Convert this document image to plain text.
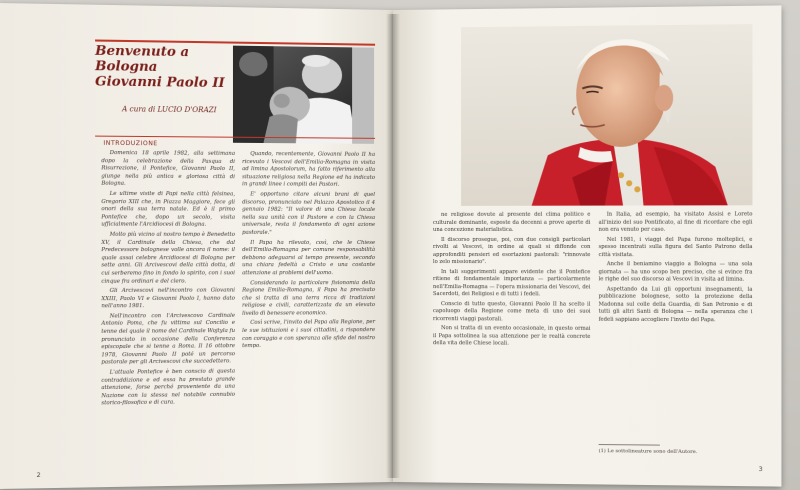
Benvenuto a Bologna
Giovanni Paolo II
A cura di LUCIO D'ORAZI
INTRODUZIONE

Domenica 18 aprile 1982, alla settimana dopo la celebrazione della Pasqua di Risurrezione, il Pontefice, Giovanni Paolo II, giunge nella più antica e gloriosa città di Bologna.

Le ultime visite di Papi nella città felsinea, Gregorio XIII che, in Piazza Maggiore, fece gli onori della sua terra natale. Ed è il primo Pontefice che, dopo un secolo, visita ufficialmente l'Arcidiocesi di Bologna.

Molto più vicino al nostro tempo è Benedetto XV, il Cardinale della Chiesa, che dal Predecessore bolognese volle ancora il nome: il quale assai celebre Arcidiocesi di Bologna per sette anni. Gli Arcivescovi della città dotta, di cui serberemo fino in fondo lo spirito, con i suoi cinque fra ordinari e del clero.

Gli Arcivescovi nell'incontro con Giovanni XXIII, Paolo VI e Giovanni Paolo I, hanno dato nell'anno 1981.

Nell'incontro con l'Arcivescovo Cardinale Antonio Poma, che fu vittima sul Concilio e tenne del quale il nome del Cardinale Wojtyla fu pronunciato in occasione della Conferenza episcopale che si tenne a Roma. Il 16 ottobre 1978, Giovanni Paolo II poté un percorso pastorale per gli Arcivescovi che succedettero.

L'attuale Pontefice è ben conscio di questa contraddizione e ed essa ha prestato grande attenzione, forse perché proveniente da una Nazione con la stessa nel notabile connubio storico-filosofico e di cura.

Quando, recentemente, Giovanni Paolo II ha ricevuto i Vescovi dell'Emilia-Romagna in visita ad limina Apostolorum, ha fatto riferimento alla situazione religiosa nella Regione ed ha indicato in grandi linee i compiti dei Pastori.

E' opportuno citare alcuni brani di quel discorso, pronunciato nel Palazzo Apostolico il 4 gennaio 1982: "Il valore di una Chiesa locale nella sua unità con il Pastore e con la Chiesa universale, resta il fondamento di ogni azione pastorale."

Il Papa ha rilevato, così, che le Chiese dell'Emilia-Romagna per comune responsabilità debbono adeguarsi al tempo presente, secondo una chiara fedeltà a Cristo e una costante attenzione ai problemi dell'uomo.

Considerando la particolare fisionomia della Regione Emilia-Romagna, il Papa ha precisato che si tratta di una terra ricca di tradizioni religiose e civili, caratterizzata da un elevato livello di benessere economico.

Così scrive, l'invito del Papa alla Regione, per le sue istituzioni e i suoi cittadini, a rispondere con coraggio e con speranza alle sfide del nostro tempo.

2

ne religiose dovute al presente del clima politico e culturale dominante, esposte da decenni a prove aperte di una concezione materialistica.

Il discorso prosegue, poi, con due consigli particolari rivolti ai Vescovi, in ordine ai quali si diffonde con approfonditi pensieri ed esortazioni pastorali: "rinnovate lo zelo missionario".

In tali suggerimenti appare evidente che il Pontefice ritiene di fondamentale importanza — particolarmente nell'Emilia-Romagna — l'opera missionaria dei Vescovi, dei Sacerdoti, dei Religiosi e di tutti i fedeli.

Conscio di tutto questo, Giovanni Paolo II ha scelto il capoluogo della Regione come meta di uno dei suoi ricorrenti viaggi pastorali.

Non si tratta di un evento occasionale, in questo ormai il Papa sottolinea la sua attenzione per le realtà concrete della vita delle Chiese locali.

In Italia, ad esempio, ha visitato Assisi e Loreto all'inizio del suo Pontificato, al fine di ricordare che egli non era venuto per caso.

Nel 1981, i viaggi del Papa furono molteplici, e spesso incentrati sulla figura del Santo Patrono della città visitata.

Anche il beniamino viaggio a Bologna — una sola giornata — ha uno scopo ben preciso, che si evince fra le righe del suo discorso ai Vescovi in visita ad limina.

Aspettando da Lui gli opportuni insegnamenti, la pubblicazione bolognese, sotto la protezione della Madonna sul colle della Guardia, di San Petronio e di tutti gli altri Santi di Bologna — nella speranza che i fedeli sappiano accogliere l'invito del Papa.

(1) Le sottolineature sono dell'Autore.
3
